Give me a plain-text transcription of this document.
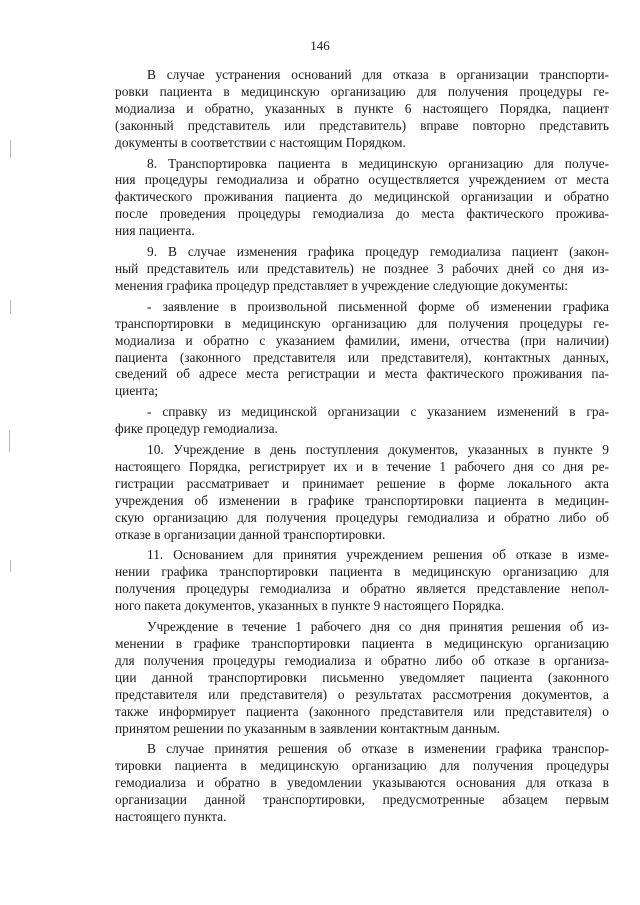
146
В случае устранения оснований для отказа в организации транспорти-
ровки пациента в медицинскую организацию для получения процедуры ге-
модиализа и обратно, указанных в пункте 6 настоящего Порядка, пациент
(законный представитель или представитель) вправе повторно представить
документы в соответствии с настоящим Порядком.
8. Транспортировка пациента в медицинскую организацию для получе-
ния процедуры гемодиализа и обратно осуществляется учреждением от места
фактического проживания пациента до медицинской организации и обратно
после проведения процедуры гемодиализа до места фактического прожива-
ния пациента.
9. В случае изменения графика процедур гемодиализа пациент (закон-
ный представитель или представитель) не позднее 3 рабочих дней со дня из-
менения графика процедур представляет в учреждение следующие документы:
- заявление в произвольной письменной форме об изменении графика
транспортировки в медицинскую организацию для получения процедуры ге-
модиализа и обратно с указанием фамилии, имени, отчества (при наличии)
пациента (законного представителя или представителя), контактных данных,
сведений об адресе места регистрации и места фактического проживания па-
циента;
- справку из медицинской организации с указанием изменений в гра-
фике процедур гемодиализа.
10. Учреждение в день поступления документов, указанных в пункте 9
настоящего Порядка, регистрирует их и в течение 1 рабочего дня со дня ре-
гистрации рассматривает и принимает решение в форме локального акта
учреждения об изменении в графике транспортировки пациента в медицин-
скую организацию для получения процедуры гемодиализа и обратно либо об
отказе в организации данной транспортировки.
11. Основанием для принятия учреждением решения об отказе в изме-
нении графика транспортировки пациента в медицинскую организацию для
получения процедуры гемодиализа и обратно является представление непол-
ного пакета документов, указанных в пункте 9 настоящего Порядка.
Учреждение в течение 1 рабочего дня со дня принятия решения об из-
менении в графике транспортировки пациента в медицинскую организацию
для получения процедуры гемодиализа и обратно либо об отказе в организа-
ции данной транспортировки письменно уведомляет пациента (законного
представителя или представителя) о результатах рассмотрения документов, а
также информирует пациента (законного представителя или представителя) о
принятом решении по указанным в заявлении контактным данным.
В случае принятия решения об отказе в изменении графика транспор-
тировки пациента в медицинскую организацию для получения процедуры
гемодиализа и обратно в уведомлении указываются основания для отказа в
организации данной транспортировки, предусмотренные абзацем первым
настоящего пункта.
